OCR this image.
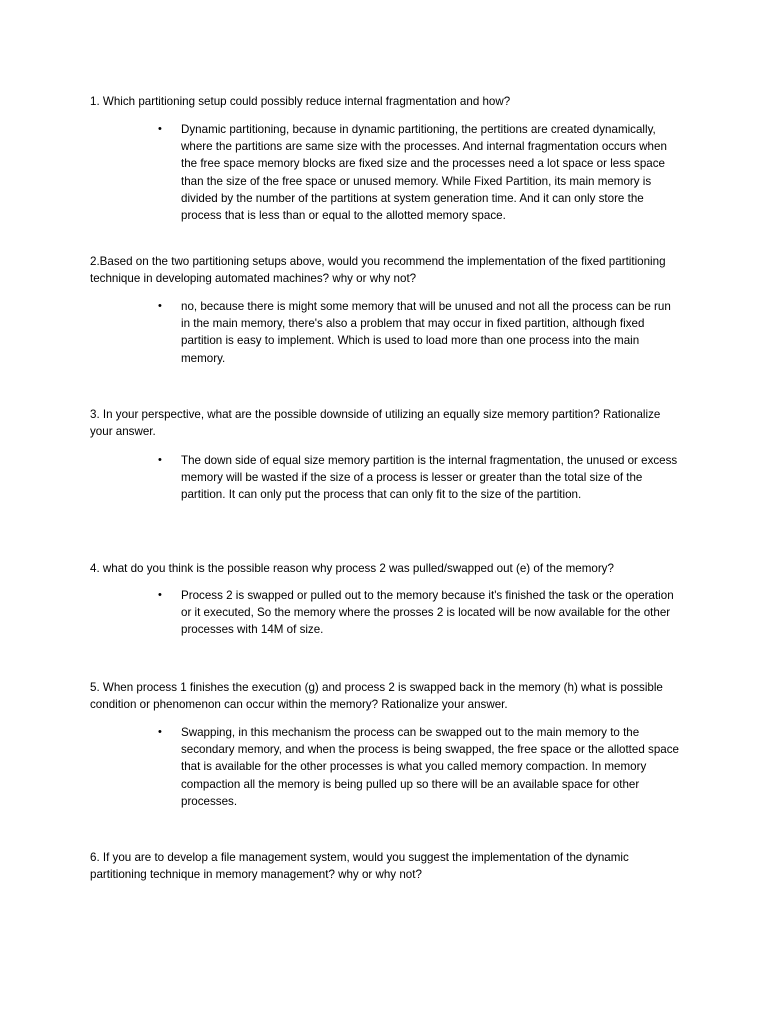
1. Which partitioning setup could possibly reduce internal fragmentation and how?

• Dynamic partitioning, because in dynamic partitioning, the pertitions are created dynamically, where the partitions are same size with the processes. And internal fragmentation occurs when the free space memory blocks are fixed size and the processes need a lot space or less space than the size of the free space or unused memory. While Fixed Partition, its main memory is divided by the number of the partitions at system generation time. And it can only store the process that is less than or equal to the allotted memory space.

2.Based on the two partitioning setups above, would you recommend the implementation of the fixed partitioning technique in developing automated machines? why or why not?

• no, because there is might some memory that will be unused and not all the process can be run in the main memory, there's also a problem that may occur in fixed partition, although fixed partition is easy to implement. Which is used to load more than one process into the main memory.

3. In your perspective, what are the possible downside of utilizing an equally size memory partition? Rationalize your answer.

• The down side of equal size memory partition is the internal fragmentation, the unused or excess memory will be wasted if the size of a process is lesser or greater than the total size of the partition. It can only put the process that can only fit to the size of the partition.

4. what do you think is the possible reason why process 2 was pulled/swapped out (e) of the memory?

• Process 2 is swapped or pulled out to the memory because it's finished the task or the operation or it executed, So the memory where the prosses 2 is located will be now available for the other processes with 14M of size.

5. When process 1 finishes the execution (g) and process 2 is swapped back in the memory (h) what is possible condition or phenomenon can occur within the memory? Rationalize your answer.

• Swapping, in this mechanism the process can be swapped out to the main memory to the secondary memory, and when the process is being swapped, the free space or the allotted space that is available for the other processes is what you called memory compaction. In memory compaction all the memory is being pulled up so there will be an available space for other processes.

6. If you are to develop a file management system, would you suggest the implementation of the dynamic partitioning technique in memory management? why or why not?
